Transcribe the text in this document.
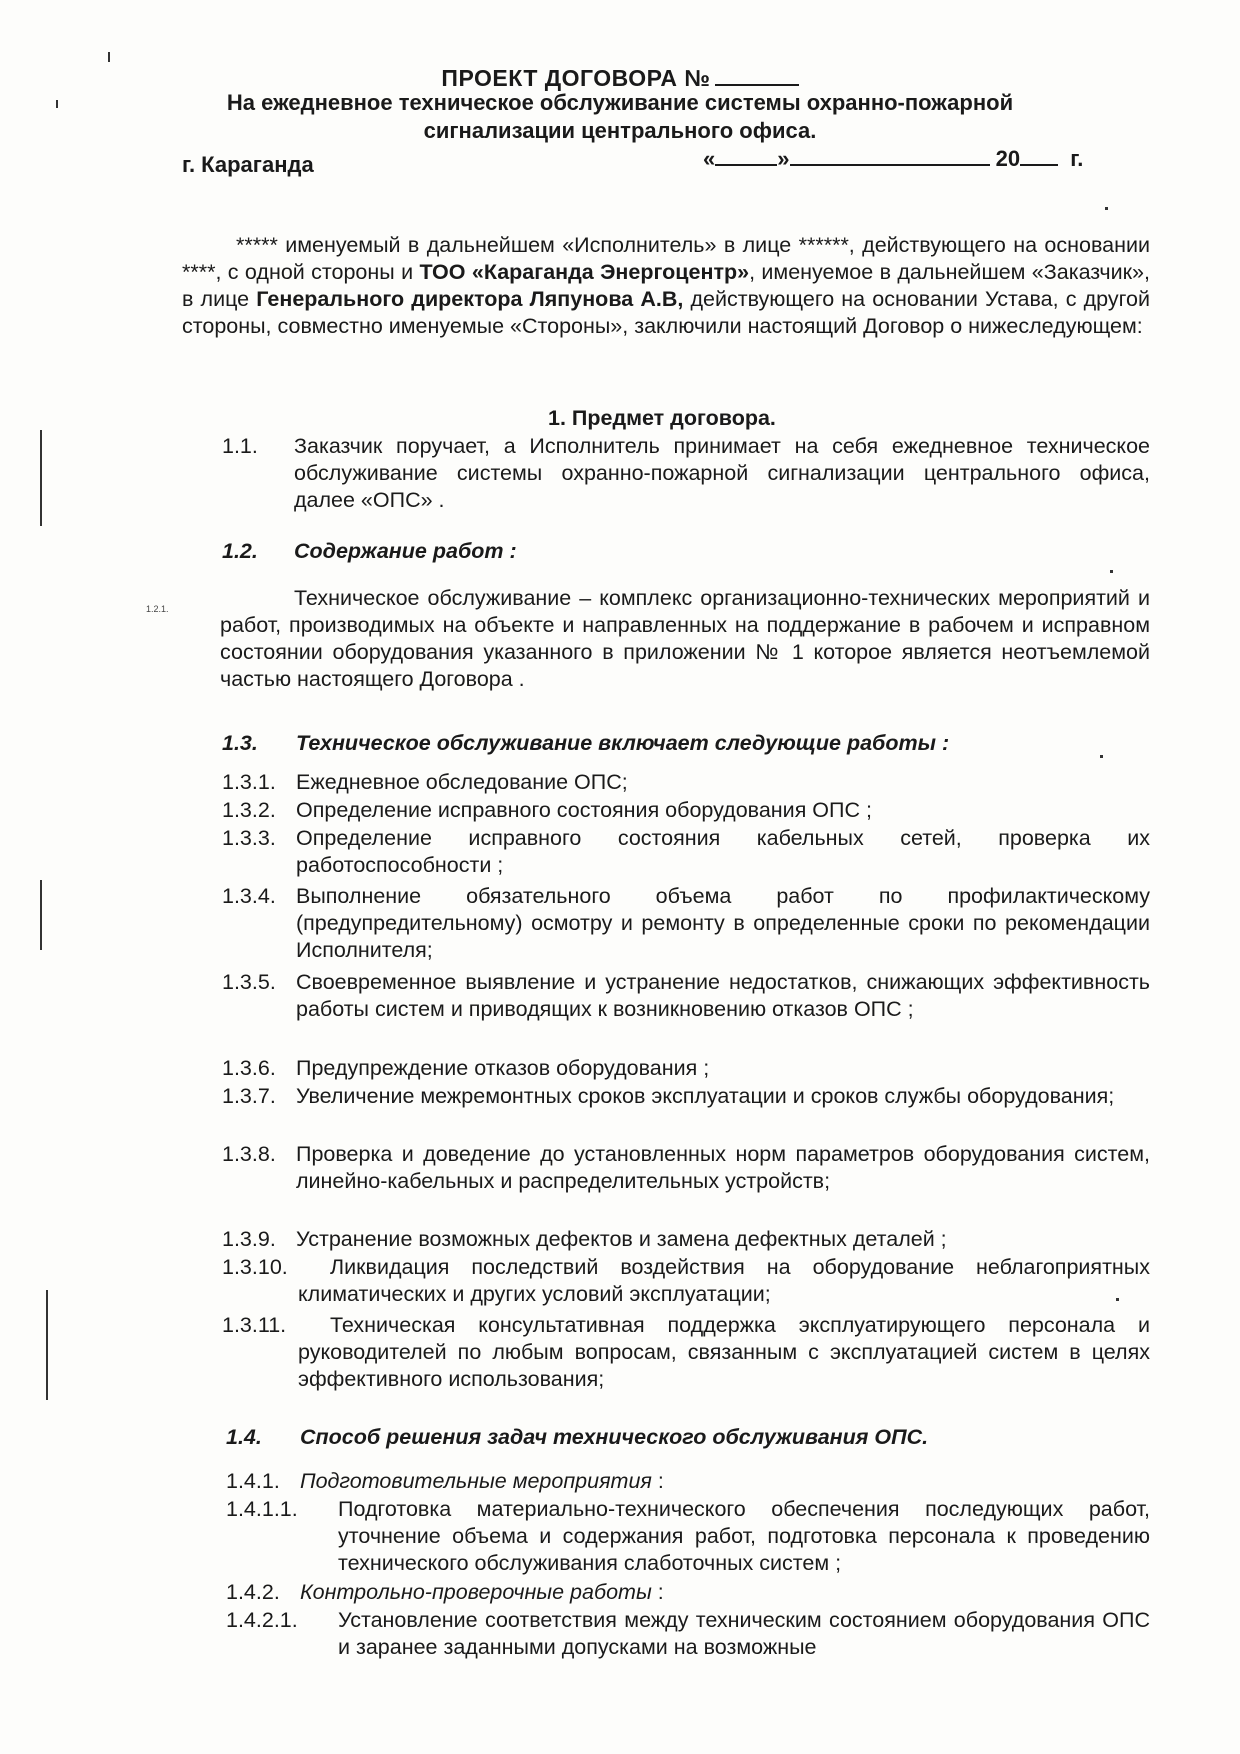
ПРОЕКТ ДОГОВОРА №
На ежедневное техническое обслуживание системы охранно-пожарной
сигнализации центрального офиса.
г. Караганда	«	»	20 г.
***** именуемый в дальнейшем «Исполнитель» в лице ******, действующего на основании ****, с одной стороны и ТОО «Караганда Энергоцентр», именуемое в дальнейшем «Заказчик», в лице Генерального директора Ляпунова А.В, действующего на основании Устава, с другой стороны, совместно именуемые «Стороны», заключили настоящий Договор о нижеследующем:
1. Предмет договора.
1.1. Заказчик поручает, а Исполнитель принимает на себя ежедневное техническое обслуживание системы охранно-пожарной сигнализации центрального офиса, далее «ОПС» .
1.2. Содержание работ :
1.2.1.	Техническое обслуживание – комплекс организационно-технических мероприятий и работ, производимых на объекте и направленных на поддержание в рабочем и исправном состоянии оборудования указанного в приложении № 1 которое является неотъемлемой частью настоящего Договора .
1.3. Техническое обслуживание включает следующие работы :
1.3.1. Ежедневное обследование ОПС;
1.3.2. Определение исправного состояния оборудования ОПС ;
1.3.3. Определение исправного состояния кабельных сетей, проверка их работоспособности ;
1.3.4. Выполнение обязательного объема работ по профилактическому (предупредительному) осмотру и ремонту в определенные сроки по рекомендации Исполнителя;
1.3.5. Своевременное выявление и устранение недостатков, снижающих эффективность работы систем и приводящих к возникновению отказов ОПС ;
1.3.6. Предупреждение отказов оборудования ;
1.3.7. Увеличение межремонтных сроков эксплуатации и сроков службы оборудования;
1.3.8. Проверка и доведение до установленных норм параметров оборудования систем, линейно-кабельных и распределительных устройств;
1.3.9. Устранение возможных дефектов и замена дефектных деталей ;
1.3.10.	Ликвидация последствий воздействия на оборудование неблагоприятных климатических и других условий эксплуатации;
1.3.11.	Техническая консультативная поддержка эксплуатирующего персонала и руководителей по любым вопросам, связанным с эксплуатацией систем в целях эффективного использования;
1.4. Способ решения задач технического обслуживания ОПС.
1.4.1. Подготовительные мероприятия :
1.4.1.1. Подготовка материально-технического обеспечения последующих работ, уточнение объема и содержания работ, подготовка персонала к проведению технического обслуживания слаботочных систем ;
1.4.2. Контрольно-проверочные работы :
1.4.2.1. Установление соответствия между техническим состоянием оборудования ОПС и заранее заданными допусками на возможные
